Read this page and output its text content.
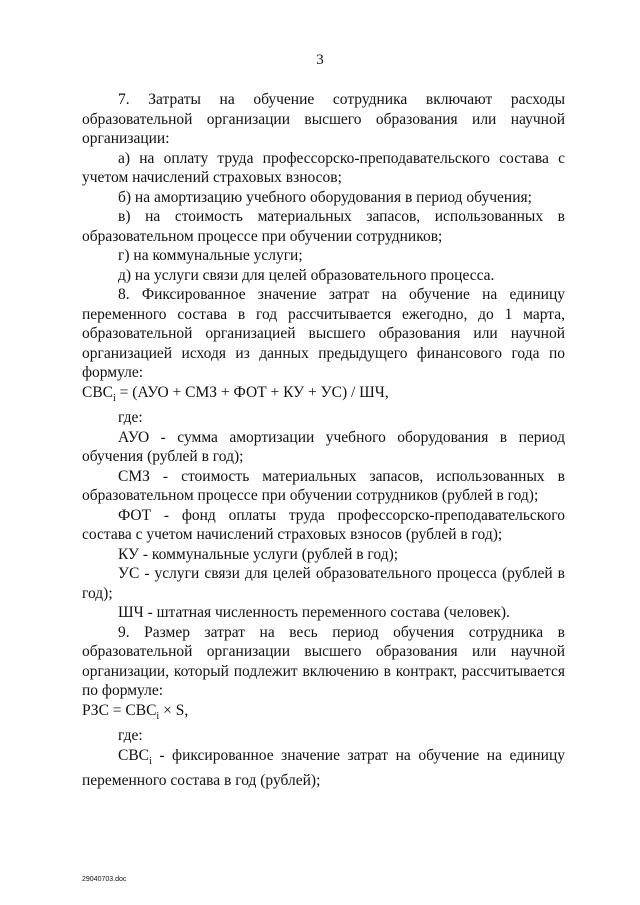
3

7. Затраты на обучение сотрудника включают расходы образовательной организации высшего образования или научной организации:

а) на оплату труда профессорско-преподавательского состава с учетом начислений страховых взносов;

б) на амортизацию учебного оборудования в период обучения;

в) на стоимость материальных запасов, использованных в образовательном процессе при обучении сотрудников;

г) на коммунальные услуги;

д) на услуги связи для целей образовательного процесса.

8. Фиксированное значение затрат на обучение на единицу переменного состава в год рассчитывается ежегодно, до 1 марта, образовательной организацией высшего образования или научной организацией исходя из данных предыдущего финансового года по формуле:

$СВС_i = (АУО$ + СМЗ + ФОТ + КУ + УС) / ШЧ,

где:

АУО - сумма амортизации учебного оборудования в период обучения (рублей в год);

СМЗ - стоимость материальных запасов, использованных в образовательном процессе при обучении сотрудников (рублей в год);

ФОТ - фонд оплаты труда профессорско-преподавательского состава с учетом начислений страховых взносов (рублей в год);

КУ - коммунальные услуги (рублей в год);

УС - услуги связи для целей образовательного процесса (рублей в год);

ШЧ - штатная численность переменного состава (человек).

9. Размер затрат на весь период обучения сотрудника в образовательной организации высшего образования или научной организации, который подлежит включению в контракт, рассчитывается по формуле:

РЗС = $СВС_i \times S$,

где:

$СВС_i$ - фиксированное значение затрат на обучение на единицу переменного состава в год (рублей);

29040703.doc
